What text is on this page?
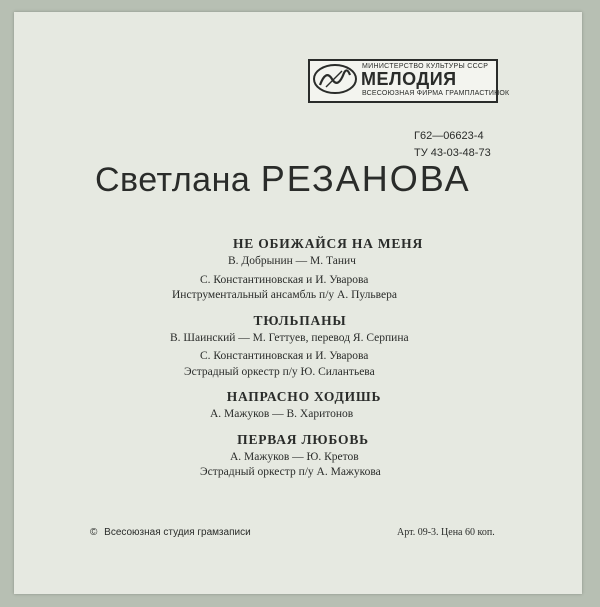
МИНИСТЕРСТВО КУЛЬТУРЫ СССР
МЕЛОДИЯ
ВСЕСОЮЗНАЯ ФИРМА ГРАМПЛАСТИНОК
Г62—06623-4
ТУ 43-03-48-73
Светлана РЕЗАНОВА
НЕ ОБИЖАЙСЯ НА МЕНЯ
В. Добрынин — М. Танич
С. Константиновская и И. Уварова
Инструментальный ансамбль п/у А. Пульвера
ТЮЛЬПАНЫ
В. Шаинский — М. Геттуев, перевод Я. Серпина
С. Константиновская и И. Уварова
Эстрадный оркестр п/у Ю. Силантьева
НАПРАСНО ХОДИШЬ
А. Мажуков — В. Харитонов
ПЕРВАЯ ЛЮБОВЬ
А. Мажуков — Ю. Кретов
Эстрадный оркестр п/у А. Мажукова
© Всесоюзная студия грамзаписи	Арт. 09-3. Цена 60 коп.
